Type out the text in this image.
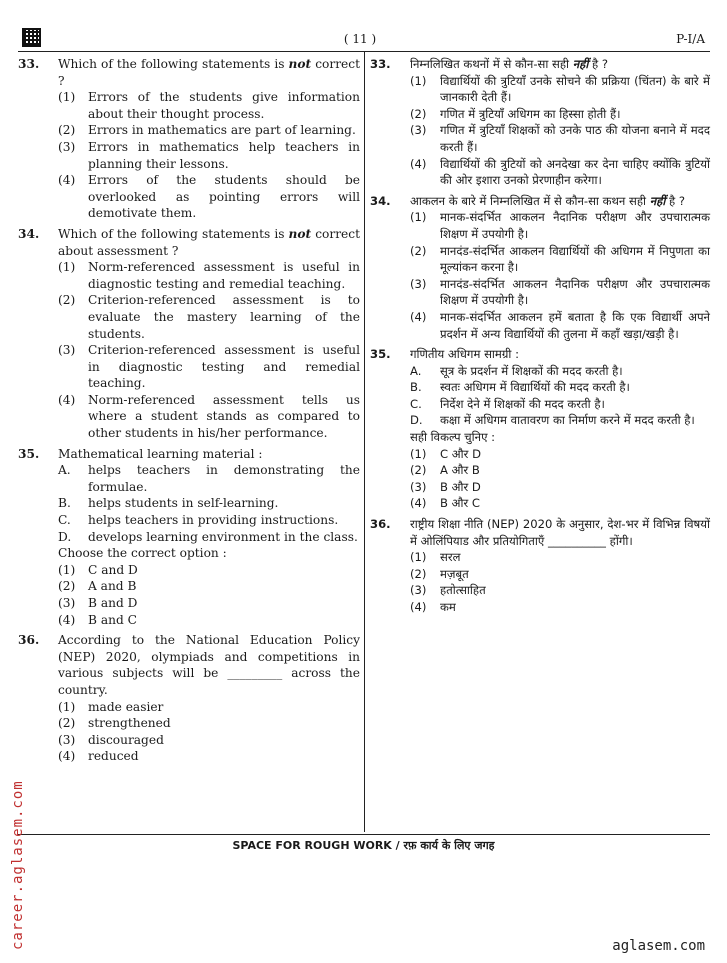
( 11 )	P-I/A
33. Which of the following statements is not correct ?
(1) Errors of the students give information about their thought process.
(2) Errors in mathematics are part of learning.
(3) Errors in mathematics help teachers in planning their lessons.
(4) Errors of the students should be overlooked as pointing errors will demotivate them.
34. Which of the following statements is not correct about assessment ?
(1) Norm-referenced assessment is useful in diagnostic testing and remedial teaching.
(2) Criterion-referenced assessment is to evaluate the mastery learning of the students.
(3) Criterion-referenced assessment is useful in diagnostic testing and remedial teaching.
(4) Norm-referenced assessment tells us where a student stands as compared to other students in his/her performance.
35. Mathematical learning material :
A. helps teachers in demonstrating the formulae.
B. helps students in self-learning.
C. helps teachers in providing instructions.
D. develops learning environment in the class.
Choose the correct option :
(1) C and D
(2) A and B
(3) B and D
(4) B and C
36. According to the National Education Policy (NEP) 2020, olympiads and competitions in various subjects will be _________ across the country.
(1) made easier
(2) strengthened
(3) discouraged
(4) reduced
33. निम्नलिखित कथनों में से कौन-सा सही नहीं है ?
(1) विद्यार्थियों की त्रुटियाँ उनके सोचने की प्रक्रिया (चिंतन) के बारे में जानकारी देती हैं।
(2) गणित में त्रुटियाँ अधिगम का हिस्सा होती हैं।
(3) गणित में त्रुटियाँ शिक्षकों को उनके पाठ की योजना बनाने में मदद करती हैं।
(4) विद्यार्थियों की त्रुटियों को अनदेखा कर देना चाहिए क्योंकि त्रुटियों की ओर इशारा उनको प्रेरणाहीन करेगा।
34. आकलन के बारे में निम्नलिखित में से कौन-सा कथन सही नहीं है ?
(1) मानक-संदर्भित आकलन नैदानिक परीक्षण और उपचारात्मक शिक्षण में उपयोगी है।
(2) मानदंड-संदर्भित आकलन विद्यार्थियों की अधिगम में निपुणता का मूल्यांकन करना है।
(3) मानदंड-संदर्भित आकलन नैदानिक परीक्षण और उपचारात्मक शिक्षण में उपयोगी है।
(4) मानक-संदर्भित आकलन हमें बताता है कि एक विद्यार्थी अपने प्रदर्शन में अन्य विद्यार्थियों की तुलना में कहाँ खड़ा/खड़ी है।
35. गणितीय अधिगम सामग्री :
A. सूत्र के प्रदर्शन में शिक्षकों की मदद करती है।
B. स्वतः अधिगम में विद्यार्थियों की मदद करती है।
C. निर्देश देने में शिक्षकों की मदद करती है।
D. कक्षा में अधिगम वातावरण का निर्माण करने में मदद करती है।
सही विकल्प चुनिए :
(1) C और D
(2) A और B
(3) B और D
(4) B और C
36. राष्ट्रीय शिक्षा नीति (NEP) 2020 के अनुसार, देश-भर में विभिन्न विषयों में ओलिंपियाड और प्रतियोगिताएँ __________ होंगी।
(1) सरल
(2) मज़बूत
(3) हतोत्साहित
(4) कम
SPACE FOR ROUGH WORK / रफ़ कार्य के लिए जगह
career.aglasem.com	aglasem.com
